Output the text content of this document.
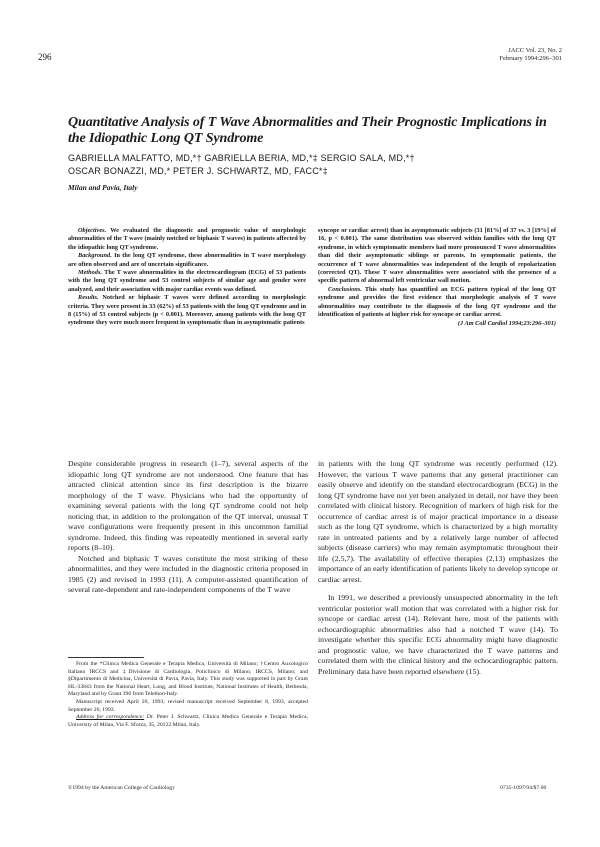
296
JACC Vol. 23, No. 2
February 1994:296–301
Quantitative Analysis of T Wave Abnormalities and Their Prognostic Implications in the Idiopathic Long QT Syndrome
GABRIELLA MALFATTO, MD,*† GABRIELLA BERIA, MD,*‡ SERGIO SALA, MD,*†
OSCAR BONAZZI, MD,* PETER J. SCHWARTZ, MD, FACC*‡
Milan and Pavia, Italy

Objectives. We evaluated the diagnostic and prognostic value of morphologic abnormalities of the T wave (mainly notched or biphasic T waves) in patients affected by the idiopathic long QT syndrome.

Background. In the long QT syndrome, these abnormalities in T wave morphology are often observed and are of uncertain significance.

Methods. The T wave abnormalities in the electrocardiogram (ECG) of 53 patients with the long QT syndrome and 53 control subjects of similar age and gender were analyzed, and their association with major cardiac events was defined.

Results. Notched or biphasic T waves were defined according to morphologic criteria. They were present in 33 (62%) of 53 patients with the long QT syndrome and in 8 (15%) of 53 control subjects (p < 0.001). Moreover, among patients with the long QT syndrome they were much more frequent in symptomatic than in asymptomatic patients

syncope or cardiac arrest) than in asymptomatic subjects (31 [81%] of 37 vs. 3 [19%] of 16, p < 0.001). The same distribution was observed within families with the long QT syndrome, in which symptomatic members had more pronounced T wave abnormalities than did their asymptomatic siblings or parents. In symptomatic patients, the occurrence of T wave abnormalities was independent of the length of repolarization (corrected QT). These T wave abnormalities were associated with the presence of a specific pattern of abnormal left ventricular wall motion.

Conclusions. This study has quantified an ECG pattern typical of the long QT syndrome and provides the first evidence that morphologic analysis of T wave abnormalities may contribute to the diagnosis of the long QT syndrome and the identification of patients at higher risk for syncope or cardiac arrest.

(J Am Coll Cardiol 1994;23:296–301)

Despite considerable progress in research (1–7), several aspects of the idiopathic long QT syndrome are not understood. One feature that has attracted clinical attention since its first description is the bizarre morphology of the T wave. Physicians who had the opportunity of examining several patients with the long QT syndrome could not help noticing that, in addition to the prolongation of the QT interval, unusual T wave configurations were frequently present in this uncommon familial syndrome. Indeed, this finding was repeatedly mentioned in several early reports (8–10).

Notched and biphasic T waves constitute the most striking of these abnormalities, and they were included in the diagnostic criteria proposed in 1985 (2) and revised in 1993 (11). A computer-assisted quantification of several rate-dependent and rate-independent components of the T wave

in patients with the long QT syndrome was recently performed (12). However, the various T wave patterns that any general practitioner can easily observe and identify on the standard electrocardiogram (ECG) in the long QT syndrome have not yet been analyzed in detail, nor have they been correlated with clinical history. Recognition of markers of high risk for the occurrence of cardiac arrest is of major practical importance in a disease such as the long QT syndrome, which is characterized by a high mortality rate in untreated patients and by a relatively large number of affected subjects (disease carriers) who may remain asymptomatic throughout their life (2,5,7). The availability of effective therapies (2,13) emphasizes the importance of an early identification of patients likely to develop syncope or cardiac arrest.

In 1991, we described a previously unsuspected abnormality in the left ventricular posterior wall motion that was correlated with a higher risk for syncope or cardiac arrest (14). Relevant here, most of the patients with echocardiographic abnormalities also had a notched T wave (14). To investigate whether this specific ECG abnormality might have diagnostic and prognostic value, we have characterized the T wave patterns and correlated them with the clinical history and the echocardiographic pattern. Preliminary data have been reported elsewhere (15).

From the *Clinica Medica Generale e Terapia Medica, Università di Milano; †Centro Auxologico Italiano IRCCS and ‡Divisione di Cardiologia, Policlinico di Milano, IRCCS, Milano; and §Dipartimento di Medicina, Università di Pavia, Pavia, Italy. This study was supported in part by Grant HL-33843 from the National Heart, Lung, and Blood Institute, National Institutes of Health, Bethesda, Maryland and by Grant 396 from Telethon-Italy.

Manuscript received April 20, 1993; revised manuscript received September 8, 1993, accepted September 20, 1993.

Address for correspondence: Dr. Peter J. Schwartz, Clinica Medica Generale e Terapia Medica, University of Milan, Via F. Sforza, 35, 20122 Milan, Italy.

©1994 by the American College of Cardiology	0735-1097/94/$7.00
